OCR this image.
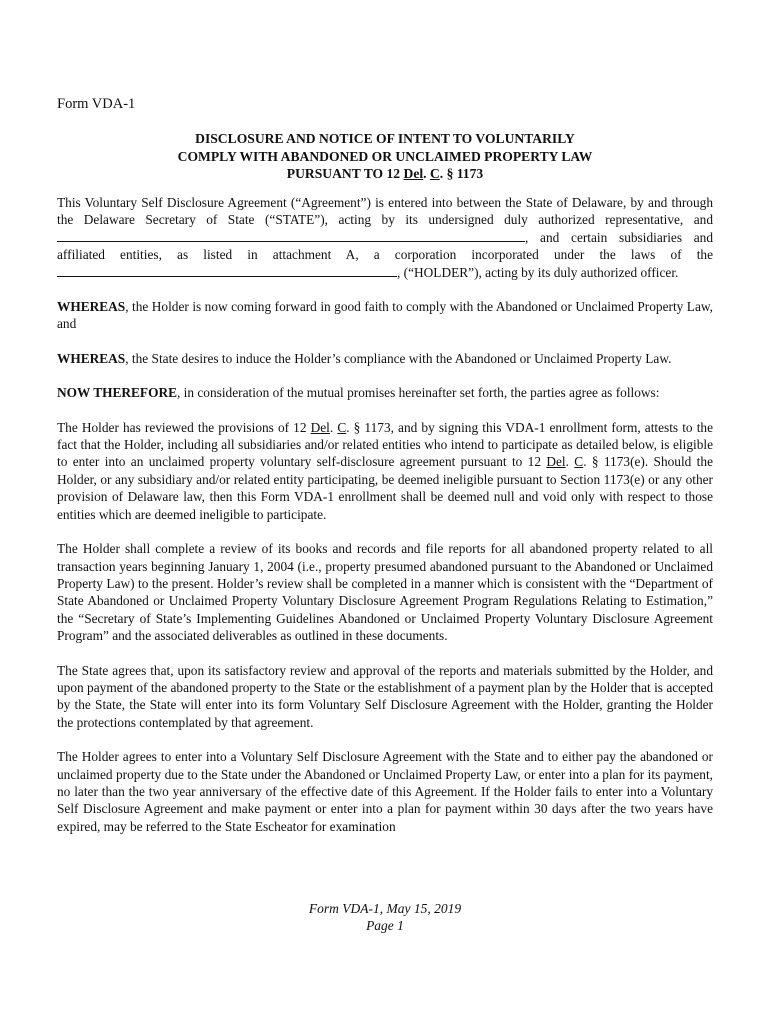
Form VDA-1
DISCLOSURE AND NOTICE OF INTENT TO VOLUNTARILY
COMPLY WITH ABANDONED OR UNCLAIMED PROPERTY LAW
PURSUANT TO 12 Del. C. § 1173

This Voluntary Self Disclosure Agreement (“Agreement”) is entered into between the State of Delaware, by and through the Delaware Secretary of State (“STATE”), acting by its undersigned duly authorized representative, and , and certain subsidiaries and affiliated entities, as listed in attachment A, a corporation incorporated under the laws of the , (“HOLDER”), acting by its duly authorized officer.

WHEREAS, the Holder is now coming forward in good faith to comply with the Abandoned or Unclaimed Property Law, and

WHEREAS, the State desires to induce the Holder’s compliance with the Abandoned or Unclaimed Property Law.

NOW THEREFORE, in consideration of the mutual promises hereinafter set forth, the parties agree as follows:

The Holder has reviewed the provisions of 12 Del. C. § 1173, and by signing this VDA-1 enrollment form, attests to the fact that the Holder, including all subsidiaries and/or related entities who intend to participate as detailed below, is eligible to enter into an unclaimed property voluntary self-disclosure agreement pursuant to 12 Del. C. § 1173(e). Should the Holder, or any subsidiary and/or related entity participating, be deemed ineligible pursuant to Section 1173(e) or any other provision of Delaware law, then this Form VDA-1 enrollment shall be deemed null and void only with respect to those entities which are deemed ineligible to participate.

The Holder shall complete a review of its books and records and file reports for all abandoned property related to all transaction years beginning January 1, 2004 (i.e., property presumed abandoned pursuant to the Abandoned or Unclaimed Property Law) to the present. Holder’s review shall be completed in a manner which is consistent with the “Department of State Abandoned or Unclaimed Property Voluntary Disclosure Agreement Program Regulations Relating to Estimation,” the “Secretary of State’s Implementing Guidelines Abandoned or Unclaimed Property Voluntary Disclosure Agreement Program” and the associated deliverables as outlined in these documents.

The State agrees that, upon its satisfactory review and approval of the reports and materials submitted by the Holder, and upon payment of the abandoned property to the State or the establishment of a payment plan by the Holder that is accepted by the State, the State will enter into its form Voluntary Self Disclosure Agreement with the Holder, granting the Holder the protections contemplated by that agreement.

The Holder agrees to enter into a Voluntary Self Disclosure Agreement with the State and to either pay the abandoned or unclaimed property due to the State under the Abandoned or Unclaimed Property Law, or enter into a plan for its payment, no later than the two year anniversary of the effective date of this Agreement. If the Holder fails to enter into a Voluntary Self Disclosure Agreement and make payment or enter into a plan for payment within 30 days after the two years have expired, may be referred to the State Escheator for examination

Form VDA-1, May 15, 2019
Page 1
